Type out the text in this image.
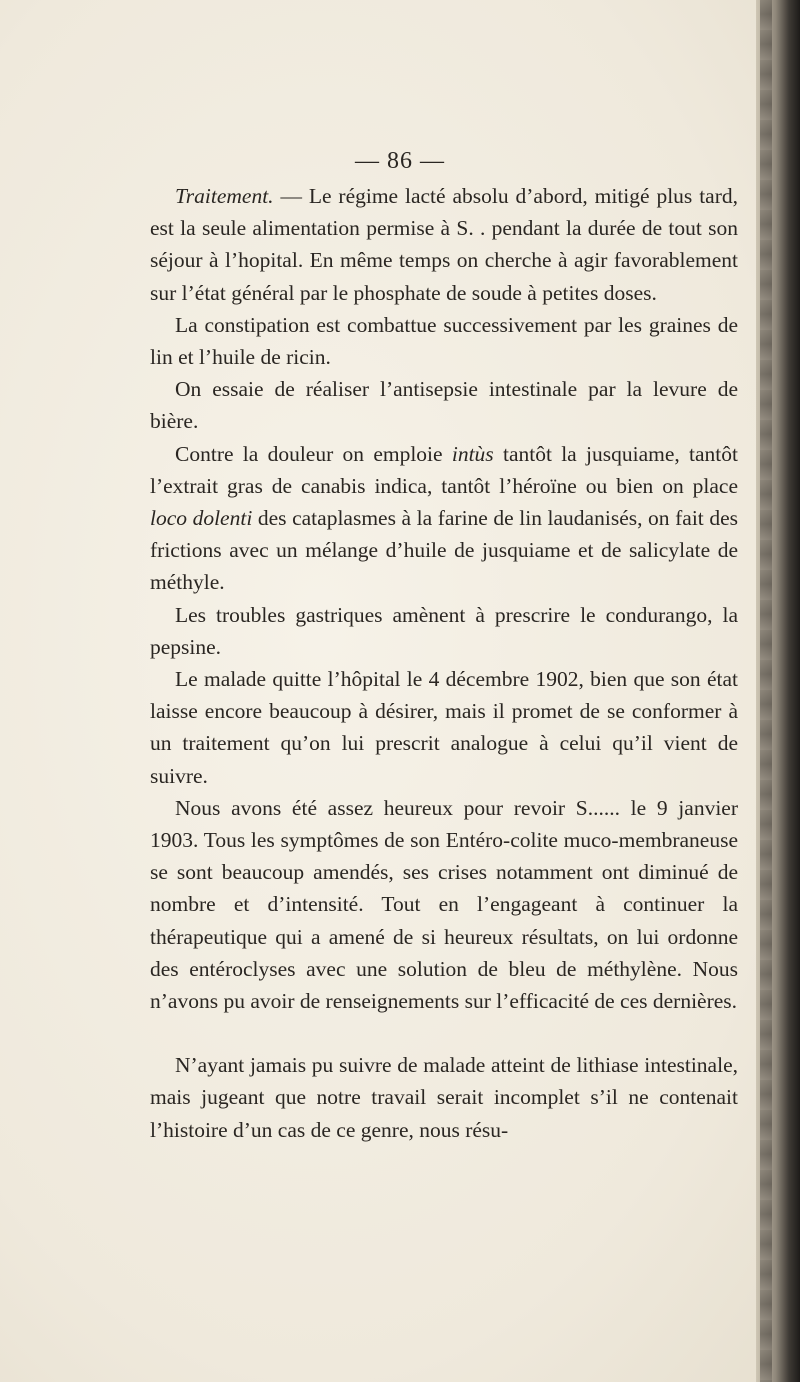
— 86 —

Traitement. — Le régime lacté absolu d’abord, mitigé plus tard, est la seule alimentation permise à S. . pendant la durée de tout son séjour à l’hopital. En même temps on cherche à agir favorablement sur l’état général par le phosphate de soude à petites doses.

La constipation est combattue successivement par les graines de lin et l’huile de ricin.

On essaie de réaliser l’antisepsie intestinale par la levure de bière.

Contre la douleur on emploie intùs tantôt la jusquiame, tantôt l’extrait gras de canabis indica, tantôt l’héroïne ou bien on place loco dolenti des cataplasmes à la farine de lin laudanisés, on fait des frictions avec un mélange d’huile de jusquiame et de salicylate de méthyle.

Les troubles gastriques amènent à prescrire le condurango, la pepsine.

Le malade quitte l’hôpital le 4 décembre 1902, bien que son état laisse encore beaucoup à désirer, mais il promet de se conformer à un traitement qu’on lui prescrit analogue à celui qu’il vient de suivre.

Nous avons été assez heureux pour revoir S...... le 9 janvier 1903. Tous les symptômes de son Entéro-colite muco-membraneuse se sont beaucoup amendés, ses crises notamment ont diminué de nombre et d’intensité. Tout en l’engageant à continuer la thérapeutique qui a amené de si heureux résultats, on lui ordonne des entéroclyses avec une solution de bleu de méthylène. Nous n’avons pu avoir de renseignements sur l’efficacité de ces dernières.

N’ayant jamais pu suivre de malade atteint de lithiase intestinale, mais jugeant que notre travail serait incomplet s’il ne contenait l’histoire d’un cas de ce genre, nous résu-
